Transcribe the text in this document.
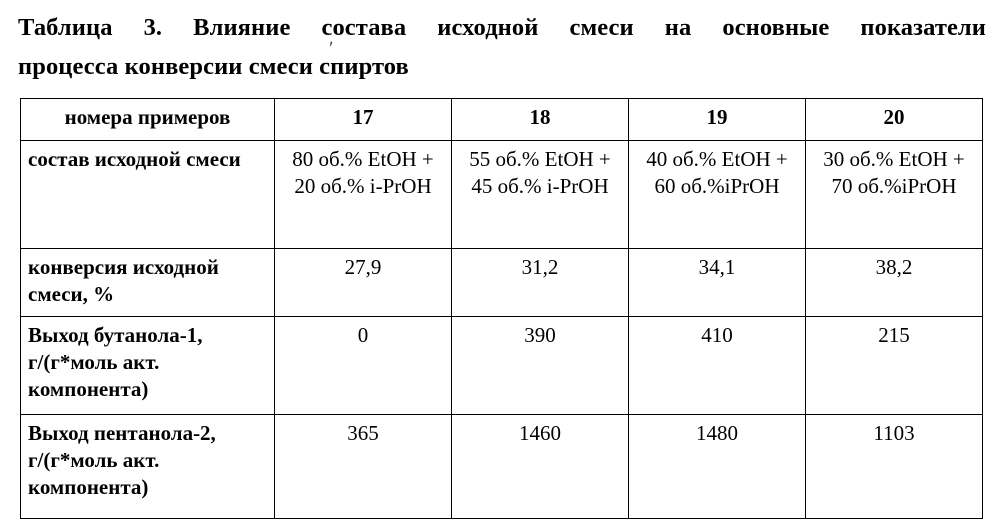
Таблица 3. Влияние состава исходной смеси на основные показатели
процесса конверсии смеси спиртов
'
номера примеров	17	18	19	20
состав исходной смеси	80 об.% EtOH + 20 об.% i-PrOH	55 об.% EtOH + 45 об.% i-PrOH	40 об.% EtOH + 60 об.%iPrOH	30 об.% EtOH + 70 об.%iPrOH
конверсия исходной смеси, %	27,9	31,2	34,1	38,2
Выход бутанола-1, г/(г*моль акт. компонента)	0	390	410	215
Выход пентанола-2, г/(г*моль акт. компонента)	365	1460	1480	1103
